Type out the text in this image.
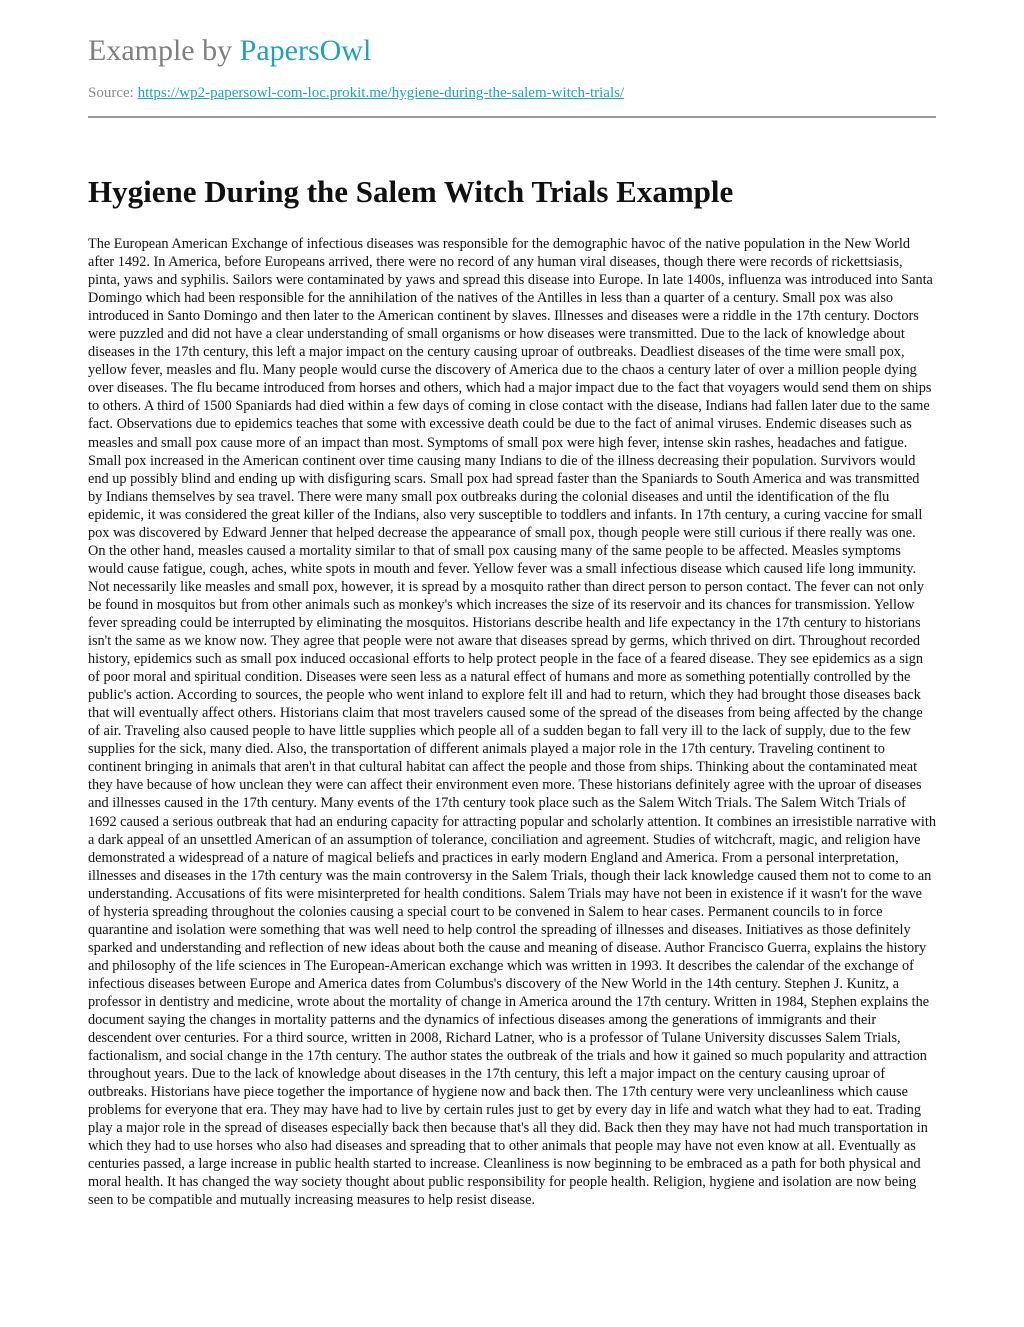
Example by PapersOwl
Source: https://wp2-papersowl-com-loc.prokit.me/hygiene-during-the-salem-witch-trials/
Hygiene During the Salem Witch Trials Example

The European American Exchange of infectious diseases was responsible for the demographic havoc of the native population in the New World after 1492. In America, before Europeans arrived, there were no record of any human viral diseases, though there were records of rickettsiasis, pinta, yaws and syphilis. Sailors were contaminated by yaws and spread this disease into Europe. In late 1400s, influenza was introduced into Santa Domingo which had been responsible for the annihilation of the natives of the Antilles in less than a quarter of a century. Small pox was also introduced in Santo Domingo and then later to the American continent by slaves. Illnesses and diseases were a riddle in the 17th century. Doctors were puzzled and did not have a clear understanding of small organisms or how diseases were transmitted. Due to the lack of knowledge about diseases in the 17th century, this left a major impact on the century causing uproar of outbreaks. Deadliest diseases of the time were small pox, yellow fever, measles and flu. Many people would curse the discovery of America due to the chaos a century later of over a million people dying over diseases. The flu became introduced from horses and others, which had a major impact due to the fact that voyagers would send them on ships to others. A third of 1500 Spaniards had died within a few days of coming in close contact with the disease, Indians had fallen later due to the same fact. Observations due to epidemics teaches that some with excessive death could be due to the fact of animal viruses. Endemic diseases such as measles and small pox cause more of an impact than most. Symptoms of small pox were high fever, intense skin rashes, headaches and fatigue. Small pox increased in the American continent over time causing many Indians to die of the illness decreasing their population. Survivors would end up possibly blind and ending up with disfiguring scars. Small pox had spread faster than the Spaniards to South America and was transmitted by Indians themselves by sea travel. There were many small pox outbreaks during the colonial diseases and until the identification of the flu epidemic, it was considered the great killer of the Indians, also very susceptible to toddlers and infants. In 17th century, a curing vaccine for small pox was discovered by Edward Jenner that helped decrease the appearance of small pox, though people were still curious if there really was one. On the other hand, measles caused a mortality similar to that of small pox causing many of the same people to be affected. Measles symptoms would cause fatigue, cough, aches, white spots in mouth and fever. Yellow fever was a small infectious disease which caused life long immunity. Not necessarily like measles and small pox, however, it is spread by a mosquito rather than direct person to person contact. The fever can not only be found in mosquitos but from other animals such as monkey's which increases the size of its reservoir and its chances for transmission. Yellow fever spreading could be interrupted by eliminating the mosquitos. Historians describe health and life expectancy in the 17th century to historians isn't the same as we know now. They agree that people were not aware that diseases spread by germs, which thrived on dirt. Throughout recorded history, epidemics such as small pox induced occasional efforts to help protect people in the face of a feared disease. They see epidemics as a sign of poor moral and spiritual condition. Diseases were seen less as a natural effect of humans and more as something potentially controlled by the public's action. According to sources, the people who went inland to explore felt ill and had to return, which they had brought those diseases back that will eventually affect others. Historians claim that most travelers caused some of the spread of the diseases from being affected by the change of air. Traveling also caused people to have little supplies which people all of a sudden began to fall very ill to the lack of supply, due to the few supplies for the sick, many died. Also, the transportation of different animals played a major role in the 17th century. Traveling continent to continent bringing in animals that aren't in that cultural habitat can affect the people and those from ships. Thinking about the contaminated meat they have because of how unclean they were can affect their environment even more. These historians definitely agree with the uproar of diseases and illnesses caused in the 17th century. Many events of the 17th century took place such as the Salem Witch Trials. The Salem Witch Trials of 1692 caused a serious outbreak that had an enduring capacity for attracting popular and scholarly attention. It combines an irresistible narrative with a dark appeal of an unsettled American of an assumption of tolerance, conciliation and agreement. Studies of witchcraft, magic, and religion have demonstrated a widespread of a nature of magical beliefs and practices in early modern England and America. From a personal interpretation, illnesses and diseases in the 17th century was the main controversy in the Salem Trials, though their lack knowledge caused them not to come to an understanding. Accusations of fits were misinterpreted for health conditions. Salem Trials may have not been in existence if it wasn't for the wave of hysteria spreading throughout the colonies causing a special court to be convened in Salem to hear cases. Permanent councils to in force quarantine and isolation were something that was well need to help control the spreading of illnesses and diseases. Initiatives as those definitely sparked and understanding and reflection of new ideas about both the cause and meaning of disease. Author Francisco Guerra, explains the history and philosophy of the life sciences in The European-American exchange which was written in 1993. It describes the calendar of the exchange of infectious diseases between Europe and America dates from Columbus's discovery of the New World in the 14th century. Stephen J. Kunitz, a professor in dentistry and medicine, wrote about the mortality of change in America around the 17th century. Written in 1984, Stephen explains the document saying the changes in mortality patterns and the dynamics of infectious diseases among the generations of immigrants and their descendent over centuries. For a third source, written in 2008, Richard Latner, who is a professor of Tulane University discusses Salem Trials, factionalism, and social change in the 17th century. The author states the outbreak of the trials and how it gained so much popularity and attraction throughout years. Due to the lack of knowledge about diseases in the 17th century, this left a major impact on the century causing uproar of outbreaks. Historians have piece together the importance of hygiene now and back then. The 17th century were very uncleanliness which cause problems for everyone that era. They may have had to live by certain rules just to get by every day in life and watch what they had to eat. Trading play a major role in the spread of diseases especially back then because that's all they did. Back then they may have not had much transportation in which they had to use horses who also had diseases and spreading that to other animals that people may have not even know at all. Eventually as centuries passed, a large increase in public health started to increase. Cleanliness is now beginning to be embraced as a path for both physical and moral health. It has changed the way society thought about public responsibility for people health. Religion, hygiene and isolation are now being seen to be compatible and mutually increasing measures to help resist disease.
